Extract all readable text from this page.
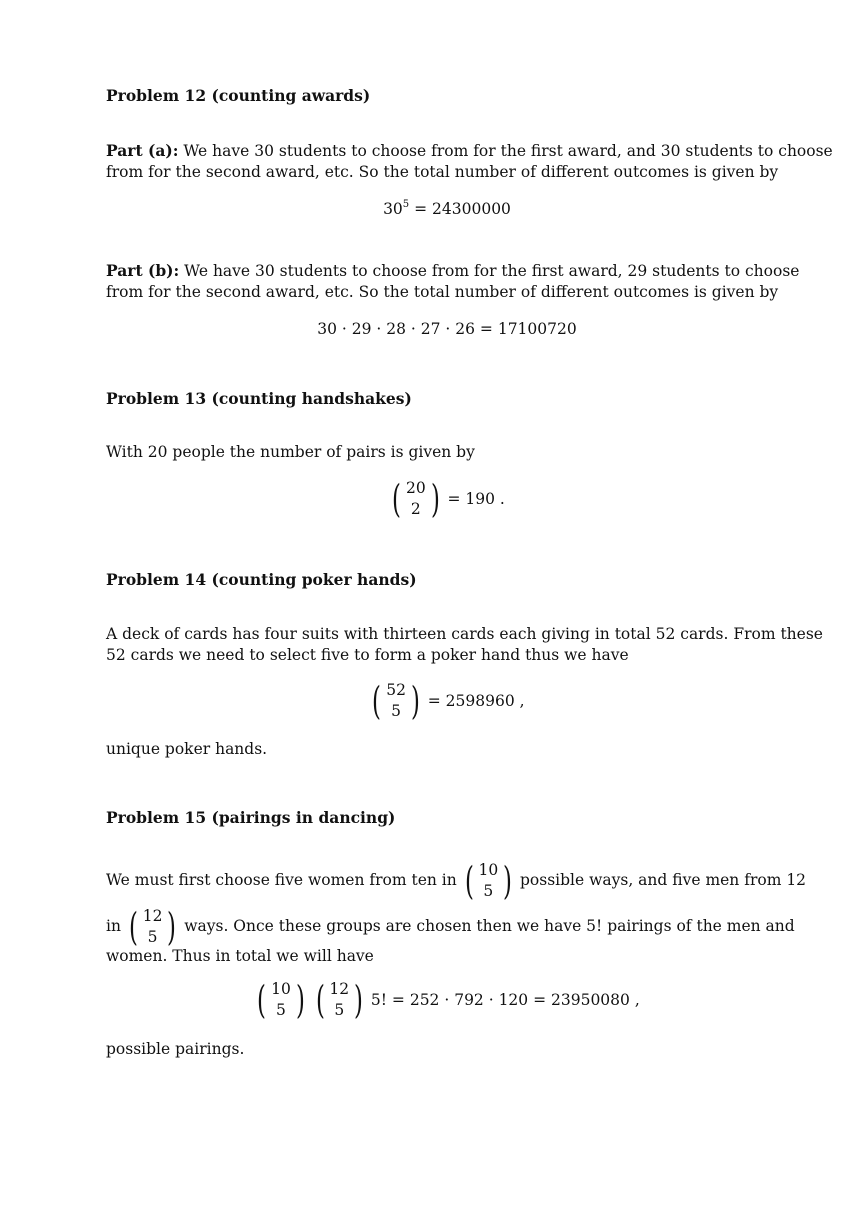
Problem 12 (counting awards)
Part (a): We have 30 students to choose from for the first award, and 30 students to choose
from for the second award, etc. So the total number of different outcomes is given by
$30^5 = 24300000$
Part (b): We have 30 students to choose from for the first award, 29 students to choose
from for the second award, etc. So the total number of different outcomes is given by
30 · 29 · 28 · 27 · 26 = 17100720
Problem 13 (counting handshakes)
With 20 people the number of pairs is given by
( 20
2 ) = 190 .
Problem 14 (counting poker hands)
A deck of cards has four suits with thirteen cards each giving in total 52 cards. From these
52 cards we need to select five to form a poker hand thus we have
( 52
5 ) = 2598960 ,
unique poker hands.
Problem 15 (pairings in dancing)
We must first choose five women from ten in ( 10
5 ) possible ways, and five men from 12
in ( 12
5 ) ways. Once these groups are chosen then we have 5! pairings of the men and
women. Thus in total we will have
( 10
5 )
( 12
5 ) 5! = 252 · 792 · 120 = 23950080 ,
possible pairings.
